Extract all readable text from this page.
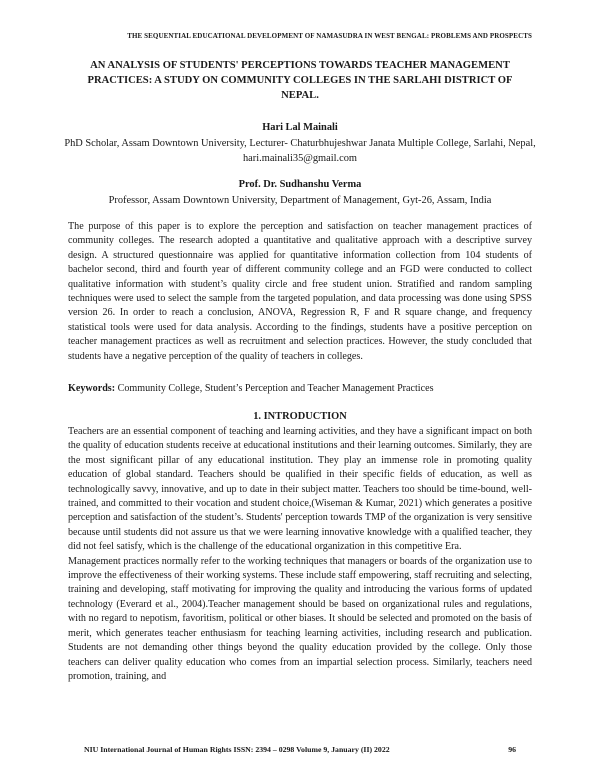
THE SEQUENTIAL EDUCATIONAL DEVELOPMENT OF NAMASUDRA IN WEST BENGAL: PROBLEMS AND PROSPECTS
AN ANALYSIS OF STUDENTS' PERCEPTIONS TOWARDS TEACHER MANAGEMENT PRACTICES: A STUDY ON COMMUNITY COLLEGES IN THE SARLAHI DISTRICT OF NEPAL.
Hari Lal Mainali
PhD Scholar, Assam Downtown University, Lecturer- Chaturbhujeshwar Janata Multiple College, Sarlahi, Nepal, hari.mainali35@gmail.com
Prof. Dr. Sudhanshu Verma
Professor, Assam Downtown University, Department of Management, Gyt-26, Assam, India
The purpose of this paper is to explore the perception and satisfaction on teacher management practices of community colleges. The research adopted a quantitative and qualitative approach with a descriptive survey design. A structured questionnaire was applied for quantitative information collection from 104 students of bachelor second, third and fourth year of different community college and an FGD were conducted to collect qualitative information with student’s quality circle and free student union. Stratified and random sampling techniques were used to select the sample from the targeted population, and data processing was done using SPSS version 26. In order to reach a conclusion, ANOVA, Regression R, F and R square change, and frequency statistical tools were used for data analysis. According to the findings, students have a positive perception on teacher management practices as well as recruitment and selection practices. However, the study concluded that students have a negative perception of the quality of teachers in colleges.
Keywords: Community College, Student’s Perception and Teacher Management Practices
1. INTRODUCTION

Teachers are an essential component of teaching and learning activities, and they have a significant impact on both the quality of education students receive at educational institutions and their learning outcomes. Similarly, they are the most significant pillar of any educational institution. They play an immense role in promoting quality education of global standard. Teachers should be qualified in their specific fields of education, as well as technologically savvy, innovative, and up to date in their subject matter. Teachers too should be time-bound, well-trained, and committed to their vocation and student choice,(Wiseman & Kumar, 2021) which generates a positive perception and satisfaction of the student’s. Students' perception towards TMP of the organization is very sensitive because until students did not assure us that we were learning innovative knowledge with a qualified teacher, they did not feel satisfy, which is the challenge of the educational organization in this competitive Era.

Management practices normally refer to the working techniques that managers or boards of the organization use to improve the effectiveness of their working systems. These include staff empowering, staff recruiting and selecting, training and developing, staff motivating for improving the quality and introducing the various forms of updated technology (Everard et al., 2004).Teacher management should be based on organizational rules and regulations, with no regard to nepotism, favoritism, political or other biases. It should be selected and promoted on the basis of merit, which generates teacher enthusiasm for teaching learning activities, including research and publication. Students are not demanding other things beyond the quality education provided by the college. Only those teachers can deliver quality education who comes from an impartial selection process. Similarly, teachers need promotion, training, and

NIU International Journal of Human Rights ISSN: 2394 – 0298 Volume 9, January (II) 2022	96
